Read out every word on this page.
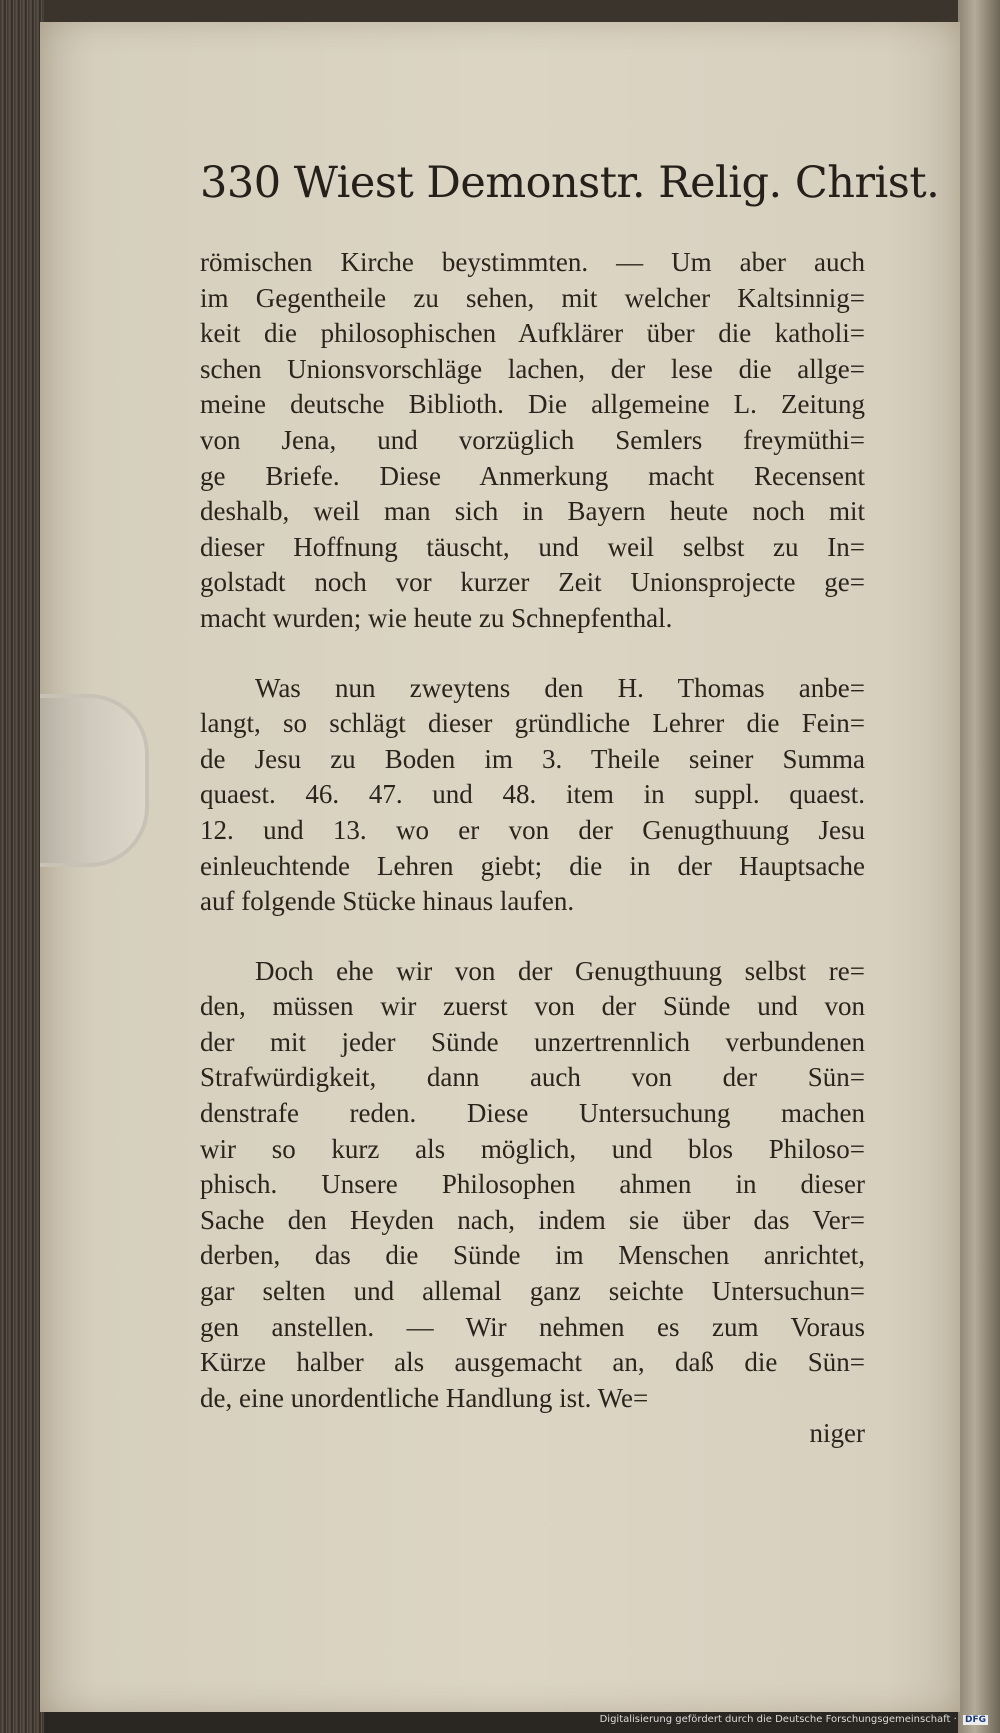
330 Wiest Demonstr. Relig. Christ.
römischen Kirche beystimmten. — Um aber auch
im Gegentheile zu sehen, mit welcher Kaltsinnig=
keit die philosophischen Aufklärer über die katholi=
schen Unionsvorschläge lachen, der lese die allge=
meine deutsche Biblioth. Die allgemeine L. Zeitung
von Jena, und vorzüglich Semlers freymüthi=
ge Briefe. Diese Anmerkung macht Recensent
deshalb, weil man sich in Bayern heute noch mit
dieser Hoffnung täuscht, und weil selbst zu In=
golstadt noch vor kurzer Zeit Unionsprojecte ge=
macht wurden; wie heute zu Schnepfenthal.
Was nun zweytens den H. Thomas anbe=
langt, so schlägt dieser gründliche Lehrer die Fein=
de Jesu zu Boden im 3. Theile seiner Summa
quaest. 46. 47. und 48. item in suppl. quaest.
12. und 13. wo er von der Genugthuung Jesu
einleuchtende Lehren giebt; die in der Hauptsache
auf folgende Stücke hinaus laufen.
Doch ehe wir von der Genugthuung selbst re=
den, müssen wir zuerst von der Sünde und von
der mit jeder Sünde unzertrennlich verbundenen
Strafwürdigkeit, dann auch von der Sün=
denstrafe reden. Diese Untersuchung machen
wir so kurz als möglich, und blos Philoso=
phisch. Unsere Philosophen ahmen in dieser
Sache den Heyden nach, indem sie über das Ver=
derben, das die Sünde im Menschen anrichtet,
gar selten und allemal ganz seichte Untersuchun=
gen anstellen. — Wir nehmen es zum Voraus
Kürze halber als ausgemacht an, daß die Sün=
de, eine unordentliche Handlung ist. We=
niger
Digitalisierung gefördert durch die Deutsche Forschungsgemeinschaft · DFG
